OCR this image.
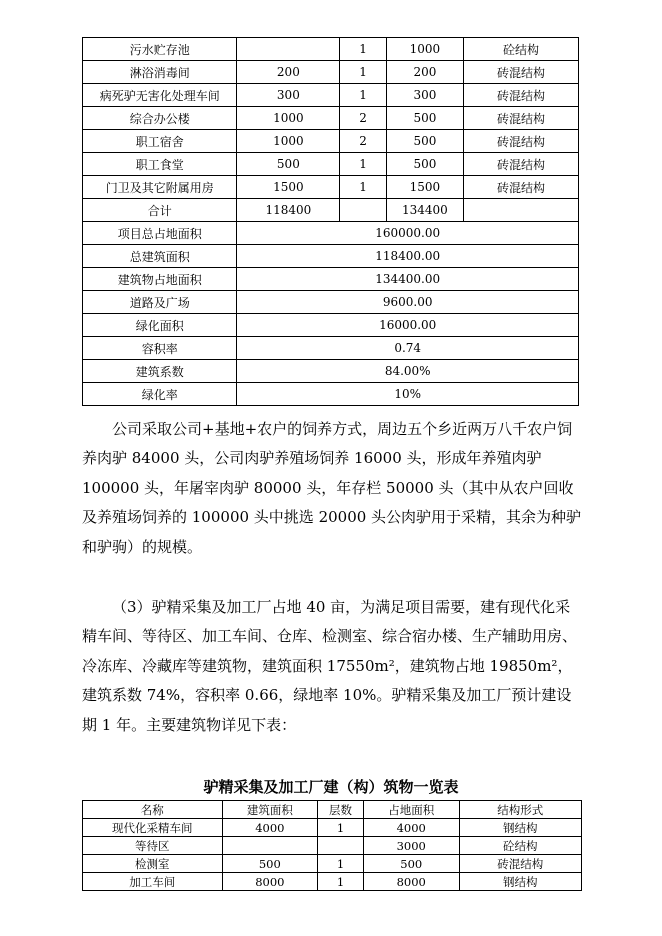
污水贮存池		1	1000	砼结构
淋浴消毒间	200	1	200	砖混结构
病死驴无害化处理车间	300	1	300	砖混结构
综合办公楼	1000	2	500	砖混结构
职工宿舍	1000	2	500	砖混结构
职工食堂	500	1	500	砖混结构
门卫及其它附属用房	1500	1	1500	砖混结构
合计	118400		134400	
项目总占地面积	160000.00			
总建筑面积	118400.00			
建筑物占地面积	134400.00			
道路及广场	9600.00			
绿化面积	16000.00			
容积率	0.74			
建筑系数	84.00%			
绿化率	10%			

公司采取公司+基地+农户的饲养方式，周边五个乡近两万八千农户饲养肉驴 84000 头，公司肉驴养殖场饲养 16000 头，形成年养殖肉驴 100000 头，年屠宰肉驴 80000 头，年存栏 50000 头（其中从农户回收及养殖场饲养的 100000 头中挑选 20000 头公肉驴用于采精，其余为种驴和驴驹）的规模。

（3）驴精采集及加工厂占地 40 亩，为满足项目需要，建有现代化采精车间、等待区、加工车间、仓库、检测室、综合宿办楼、生产辅助用房、冷冻库、冷藏库等建筑物，建筑面积 17550m²，建筑物占地 19850m²，建筑系数 74%，容积率 0.66，绿地率 10%。驴精采集及加工厂预计建设期 1 年。主要建筑物详见下表：

驴精采集及加工厂建（构）筑物一览表

名称	建筑面积	层数	占地面积	结构形式
现代化采精车间	4000	1	4000	钢结构
等待区			3000	砼结构
检测室	500	1	500	砖混结构
加工车间	8000	1	8000	钢结构
